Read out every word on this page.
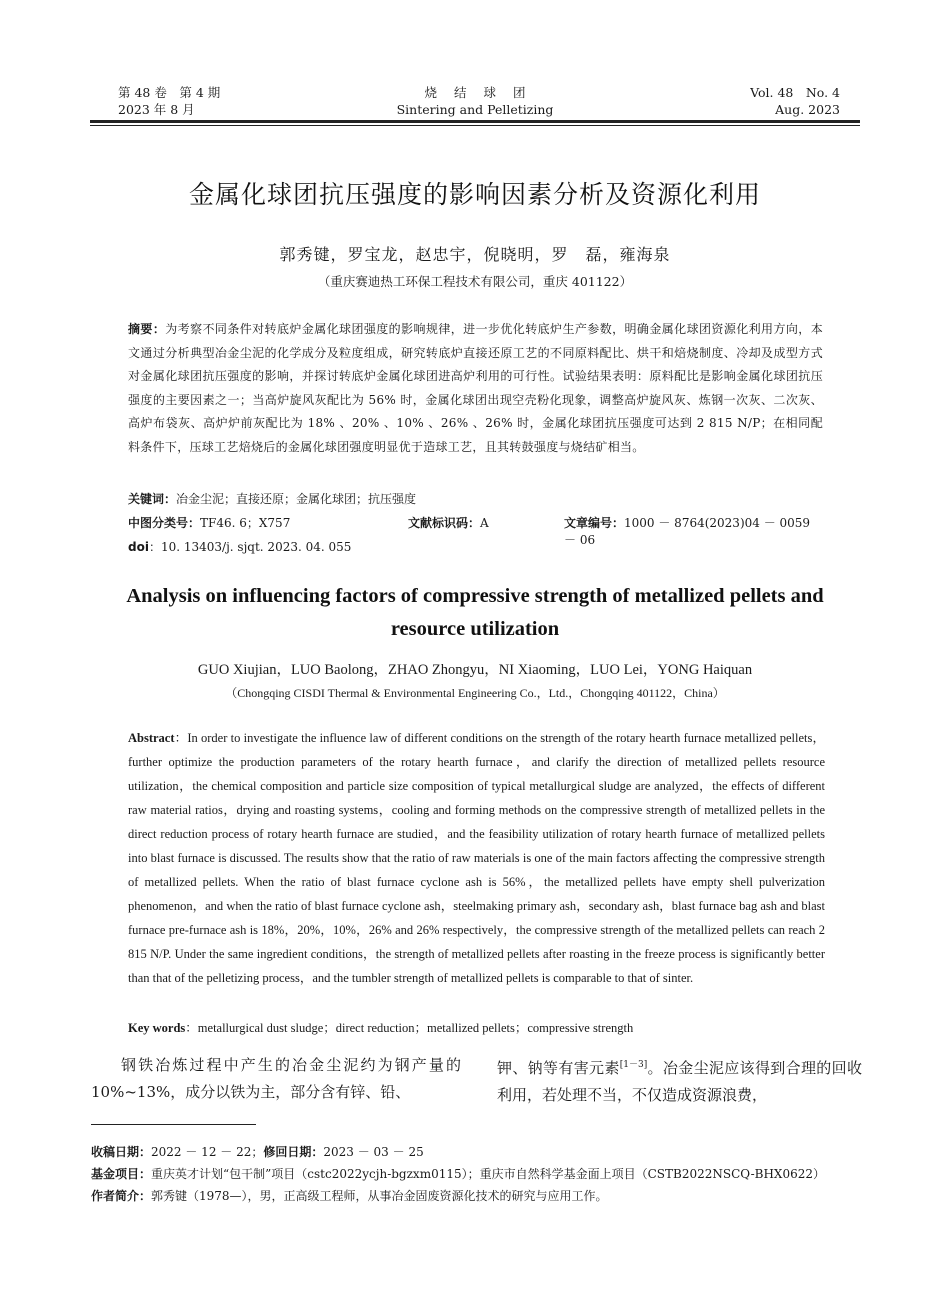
第 48 卷　第 4 期
2023 年 8 月
烧结球团
Sintering and Pelletizing
Vol. 48　No. 4
Aug. 2023
金属化球团抗压强度的影响因素分析及资源化利用
郭秀键，罗宝龙，赵忠宇，倪晓明，罗　磊，雍海泉
（重庆赛迪热工环保工程技术有限公司，重庆 401122）
摘要：为考察不同条件对转底炉金属化球团强度的影响规律，进一步优化转底炉生产参数，明确金属化球团资源化利用方向，本文通过分析典型冶金尘泥的化学成分及粒度组成，研究转底炉直接还原工艺的不同原料配比、烘干和焙烧制度、冷却及成型方式对金属化球团抗压强度的影响，并探讨转底炉金属化球团进高炉利用的可行性。试验结果表明：原料配比是影响金属化球团抗压强度的主要因素之一；当高炉旋风灰配比为 56% 时，金属化球团出现空壳粉化现象，调整高炉旋风灰、炼钢一次灰、二次灰、高炉布袋灰、高炉炉前灰配比为 18% 、20% 、10% 、26% 、26% 时，金属化球团抗压强度可达到 2 815 N/P；在相同配料条件下，压球工艺焙烧后的金属化球团强度明显优于造球工艺，且其转鼓强度与烧结矿相当。
关键词：冶金尘泥；直接还原；金属化球团；抗压强度
中图分类号：TF46. 6；X757	文献标识码：A	文章编号：1000 － 8764(2023)04 － 0059 － 06
doi：10. 13403/j. sjqt. 2023. 04. 055
Analysis on influencing factors of compressive strength of metallized pellets and resource utilization
GUO Xiujian，LUO Baolong，ZHAO Zhongyu，NI Xiaoming，LUO Lei，YONG Haiquan
（Chongqing CISDI Thermal & Environmental Engineering Co.，Ltd.，Chongqing 401122，China）
Abstract：In order to investigate the influence law of different conditions on the strength of the rotary hearth furnace metallized pellets，further optimize the production parameters of the rotary hearth furnace，and clarify the direction of metallized pellets resource utilization，the chemical composition and particle size composition of typical metallurgical sludge are analyzed，the effects of different raw material ratios，drying and roasting systems，cooling and forming methods on the compressive strength of metallized pellets in the direct reduction process of rotary hearth furnace are studied，and the feasibility utilization of rotary hearth furnace of metallized pellets into blast furnace is discussed. The results show that the ratio of raw materials is one of the main factors affecting the compressive strength of metallized pellets. When the ratio of blast furnace cyclone ash is 56%，the metallized pellets have empty shell pulverization phenomenon，and when the ratio of blast furnace cyclone ash，steelmaking primary ash，secondary ash，blast furnace bag ash and blast furnace pre-furnace ash is 18%，20%，10%，26% and 26% respectively，the compressive strength of the metallized pellets can reach 2 815 N/P. Under the same ingredient conditions，the strength of metallized pellets after roasting in the freeze process is significantly better than that of the pelletizing process，and the tumbler strength of metallized pellets is comparable to that of sinter.
Key words：metallurgical dust sludge；direct reduction；metallized pellets；compressive strength

钢铁冶炼过程中产生的冶金尘泥约为钢产量的 10%~13%，成分以铁为主，部分含有锌、铅、

钾、钠等有害元素[1－3]。冶金尘泥应该得到合理的回收利用，若处理不当，不仅造成资源浪费，

收稿日期：2022 － 12 － 22；修回日期：2023 － 03 － 25
基金项目：重庆英才计划“包干制”项目（cstc2022ycjh-bgzxm0115）；重庆市自然科学基金面上项目（CSTB2022NSCQ-BHX0622）
作者简介：郭秀键（1978—），男，正高级工程师，从事冶金固废资源化技术的研究与应用工作。
